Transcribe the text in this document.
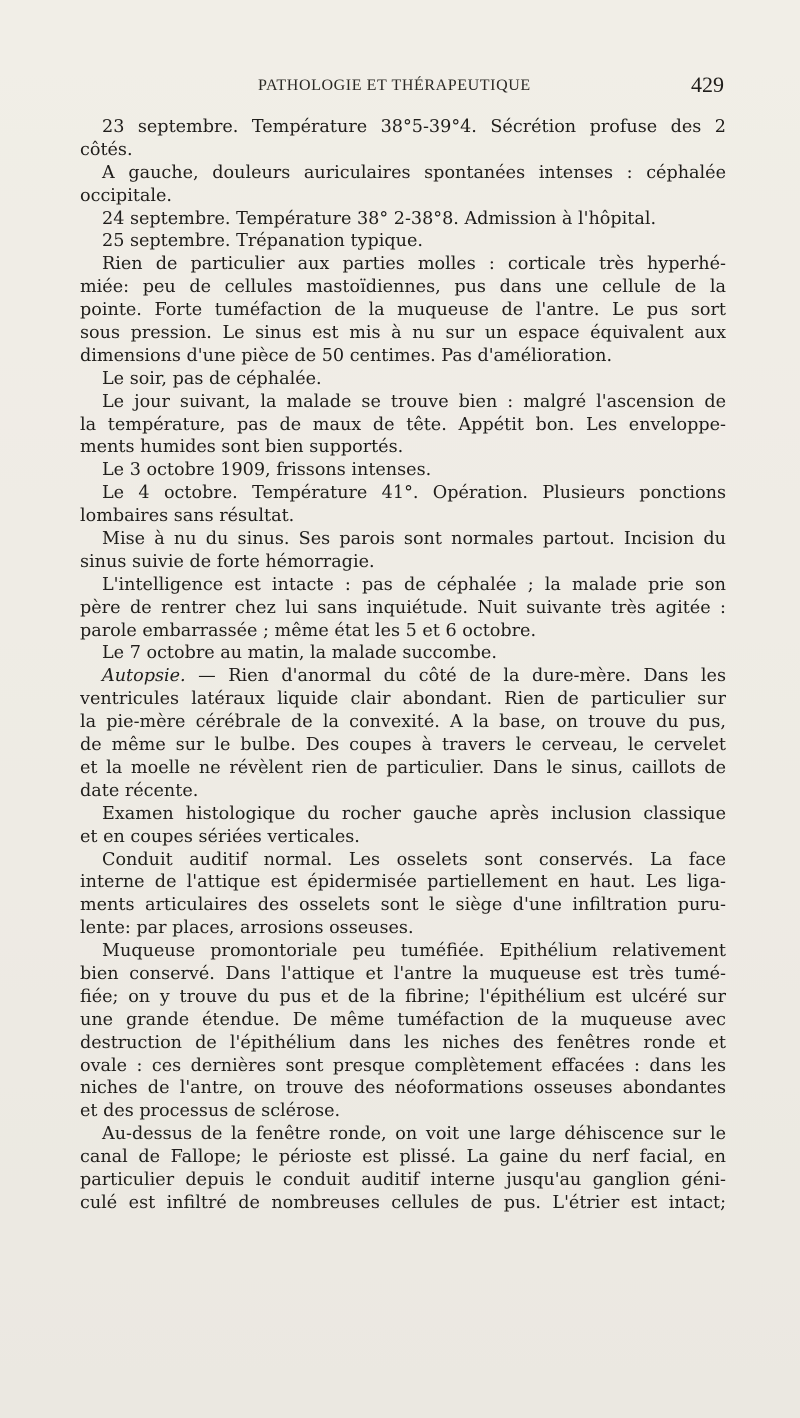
PATHOLOGIE ET THÉRAPEUTIQUE	429
23 septembre. Température 38°5-39°4. Sécrétion profuse des 2
côtés.
A gauche, douleurs auriculaires spontanées intenses : céphalée
occipitale.
24 septembre. Température 38° 2-38°8. Admission à l'hôpital.
25 septembre. Trépanation typique.
Rien de particulier aux parties molles : corticale très hyperhé-
miée: peu de cellules mastoïdiennes, pus dans une cellule de la
pointe. Forte tuméfaction de la muqueuse de l'antre. Le pus sort
sous pression. Le sinus est mis à nu sur un espace équivalent aux
dimensions d'une pièce de 50 centimes. Pas d'amélioration.
Le soir, pas de céphalée.
Le jour suivant, la malade se trouve bien : malgré l'ascension de
la température, pas de maux de tête. Appétit bon. Les enveloppe-
ments humides sont bien supportés.
Le 3 octobre 1909, frissons intenses.
Le 4 octobre. Température 41°. Opération. Plusieurs ponctions
lombaires sans résultat.
Mise à nu du sinus. Ses parois sont normales partout. Incision du
sinus suivie de forte hémorragie.
L'intelligence est intacte : pas de céphalée ; la malade prie son
père de rentrer chez lui sans inquiétude. Nuit suivante très agitée :
parole embarrassée ; même état les 5 et 6 octobre.
Le 7 octobre au matin, la malade succombe.
Autopsie. — Rien d'anormal du côté de la dure-mère. Dans les
ventricules latéraux liquide clair abondant. Rien de particulier sur
la pie-mère cérébrale de la convexité. A la base, on trouve du pus,
de même sur le bulbe. Des coupes à travers le cerveau, le cervelet
et la moelle ne révèlent rien de particulier. Dans le sinus, caillots de
date récente.
Examen histologique du rocher gauche après inclusion classique
et en coupes sériées verticales.
Conduit auditif normal. Les osselets sont conservés. La face
interne de l'attique est épidermisée partiellement en haut. Les liga-
ments articulaires des osselets sont le siège d'une infiltration puru-
lente: par places, arrosions osseuses.
Muqueuse promontoriale peu tuméfiée. Epithélium relativement
bien conservé. Dans l'attique et l'antre la muqueuse est très tumé-
fiée; on y trouve du pus et de la fibrine; l'épithélium est ulcéré sur
une grande étendue. De même tuméfaction de la muqueuse avec
destruction de l'épithélium dans les niches des fenêtres ronde et
ovale : ces dernières sont presque complètement effacées : dans les
niches de l'antre, on trouve des néoformations osseuses abondantes
et des processus de sclérose.
Au-dessus de la fenêtre ronde, on voit une large déhiscence sur le
canal de Fallope; le périoste est plissé. La gaine du nerf facial, en
particulier depuis le conduit auditif interne jusqu'au ganglion géni-
culé est infiltré de nombreuses cellules de pus. L'étrier est intact;
